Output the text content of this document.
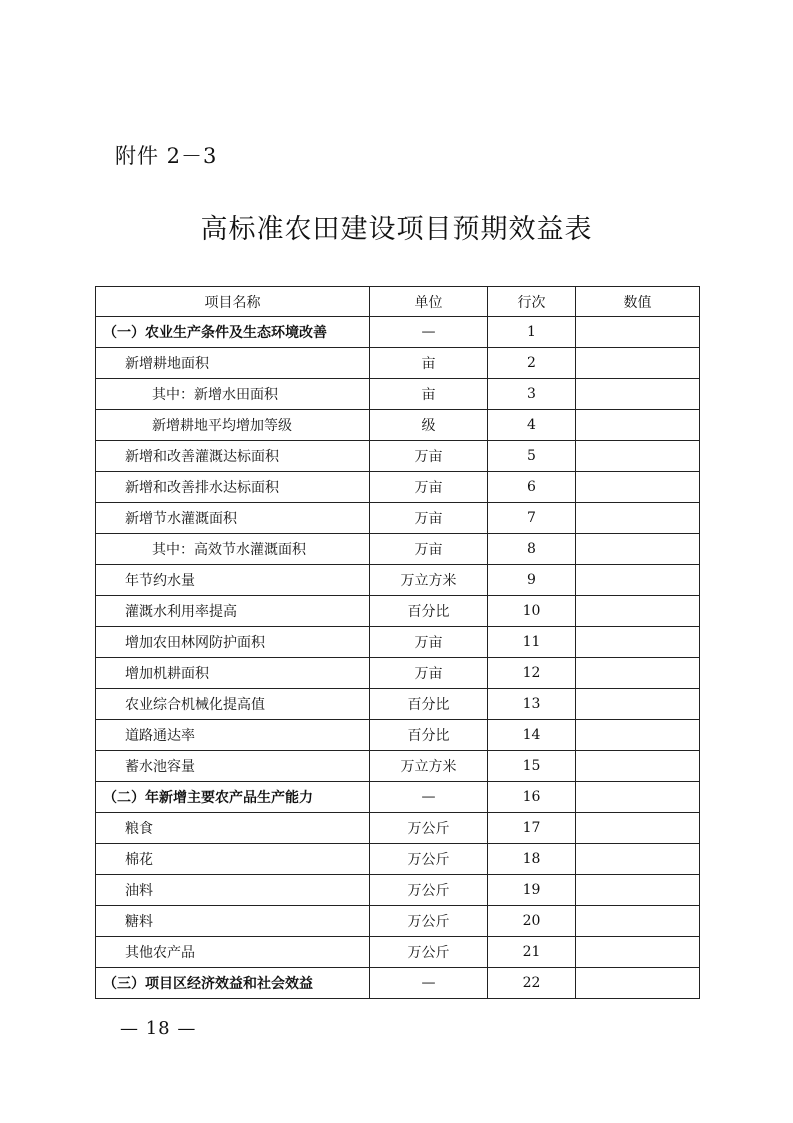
附件 2－3
高标准农田建设项目预期效益表
项目名称	单位	行次	数值
（一）农业生产条件及生态环境改善	—	1	
新增耕地面积	亩	2	
其中：新增水田面积	亩	3	
新增耕地平均增加等级	级	4	
新增和改善灌溉达标面积	万亩	5	
新增和改善排水达标面积	万亩	6	
新增节水灌溉面积	万亩	7	
其中：高效节水灌溉面积	万亩	8	
年节约水量	万立方米	9	
灌溉水利用率提高	百分比	10	
增加农田林网防护面积	万亩	11	
增加机耕面积	万亩	12	
农业综合机械化提高值	百分比	13	
道路通达率	百分比	14	
蓄水池容量	万立方米	15	
（二）年新增主要农产品生产能力	—	16	
粮食	万公斤	17	
棉花	万公斤	18	
油料	万公斤	19	
糖料	万公斤	20	
其他农产品	万公斤	21	
（三）项目区经济效益和社会效益	—	22	
— 18 —
